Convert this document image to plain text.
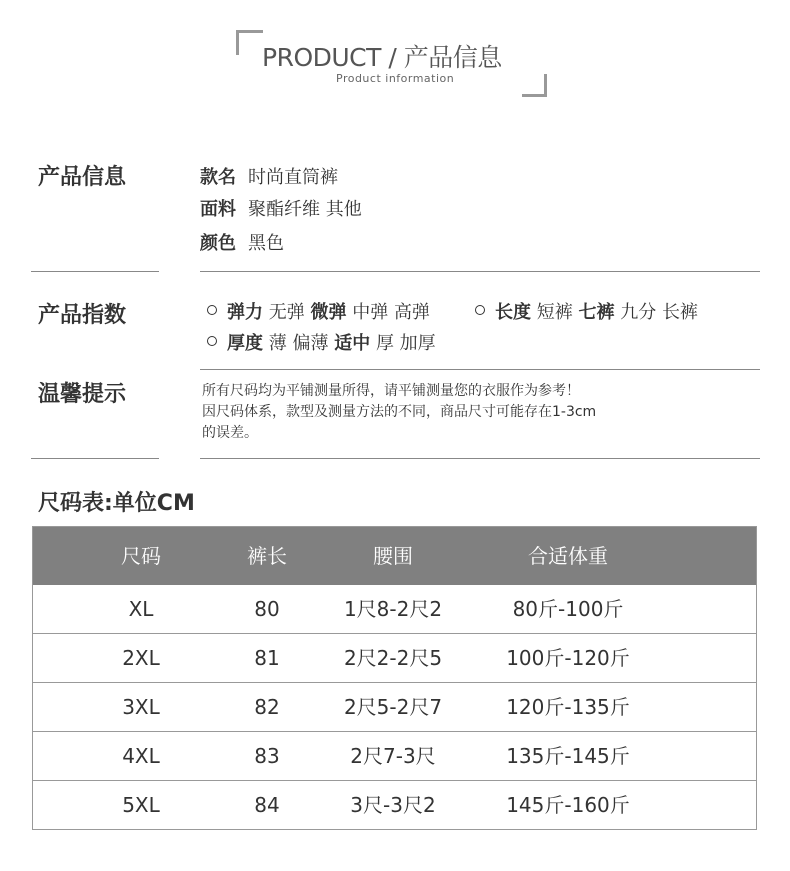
PRODUCT / 产品信息
Product information
产品信息	款名 时尚直筒裤
面料 聚酯纤维 其他
颜色 黑色
产品指数	弹力 无弹 微弹 中弹 高弹	长度 短裤 七裤 九分 长裤
厚度 薄 偏薄 适中 厚 加厚
温馨提示	所有尺码均为平铺测量所得，请平铺测量您的衣服作为参考！
因尺码体系，款型及测量方法的不同，商品尺寸可能存在1-3cm
的误差。
尺码表:单位CM
尺码	裤长	腰围	合适体重
XL	80	1尺8-2尺2	80斤-100斤
2XL	81	2尺2-2尺5	100斤-120斤
3XL	82	2尺5-2尺7	120斤-135斤
4XL	83	2尺7-3尺	135斤-145斤
5XL	84	3尺-3尺2	145斤-160斤
